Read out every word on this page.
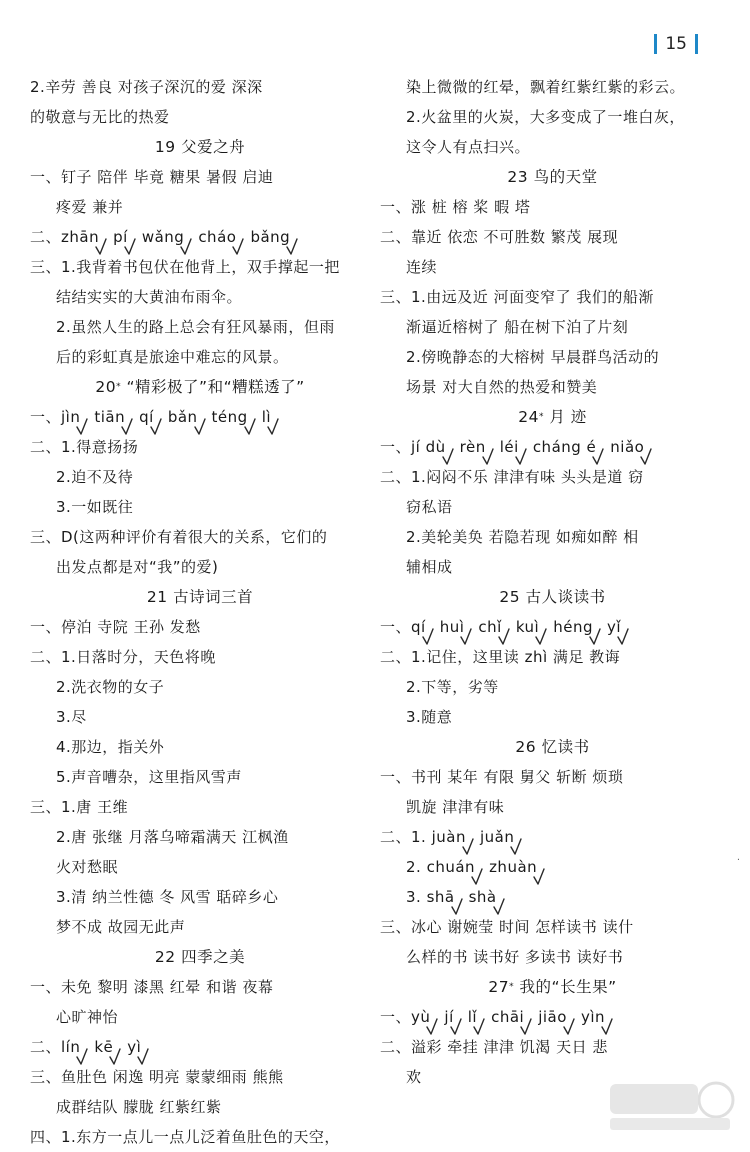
15
2.辛劳 善良 对孩子深沉的爱 深深
的敬意与无比的热爱
19 父爱之舟
一、钉子 陪伴 毕竟 糖果 暑假 启迪
疼爱 兼并
二、zhān pí wǎng cháo bǎng
三、1.我背着书包伏在他背上，双手撑起一把
结结实实的大黄油布雨伞。
2.虽然人生的路上总会有狂风暴雨，但雨
后的彩虹真是旅途中难忘的风景。
20* “精彩极了”和“糟糕透了”
一、jìn tiān qí bǎn téng lì
二、1.得意扬扬
2.迫不及待
3.一如既往
三、D(这两种评价有着很大的关系，它们的
出发点都是对“我”的爱)
21 古诗词三首
一、停泊 寺院 王孙 发愁
二、1.日落时分，天色将晚
2.洗衣物的女子
3.尽
4.那边，指关外
5.声音嘈杂，这里指风雪声
三、1.唐 王维
2.唐 张继 月落乌啼霜满天 江枫渔
火对愁眠
3.清 纳兰性德 冬 风雪 聒碎乡心
梦不成 故园无此声
22 四季之美
一、未免 黎明 漆黑 红晕 和谐 夜幕
心旷神怡
二、lín kē yì
三、鱼肚色 闲逸 明亮 蒙蒙细雨 熊熊
成群结队 朦胧 红紫红紫
四、1.东方一点儿一点儿泛着鱼肚色的天空，
染上微微的红晕，飘着红紫红紫的彩云。
2.火盆里的火炭，大多变成了一堆白灰，
这令人有点扫兴。
23 鸟的天堂
一、涨 桩 榕 桨 暇 塔
二、靠近 依恋 不可胜数 繁茂 展现
连续
三、1.由远及近 河面变窄了 我们的船渐
渐逼近榕树了 船在树下泊了片刻
2.傍晚静态的大榕树 早晨群鸟活动的
场景 对大自然的热爱和赞美
24* 月 迹
一、jí dù rèn léi cháng é niǎo
二、1.闷闷不乐 津津有味 头头是道 窃
窃私语
2.美轮美奂 若隐若现 如痴如醉 相
辅相成
25 古人谈读书
一、qí huì chǐ kuì héng yǐ
二、1.记住，这里读 zhì 满足 教诲
2.下等，劣等
3.随意
26 忆读书
一、书刊 某年 有限 舅父 斩断 烦琐
凯旋 津津有味
二、1. juàn juǎn
2. chuán zhuàn
3. shā shà
三、冰心 谢婉莹 时间 怎样读书 读什
么样的书 读书好 多读书 读好书
27* 我的“长生果”
一、yù jí lǐ chāi jiāo yìn
二、溢彩 牵挂 津津 饥渴 天日 悲
欢
·
